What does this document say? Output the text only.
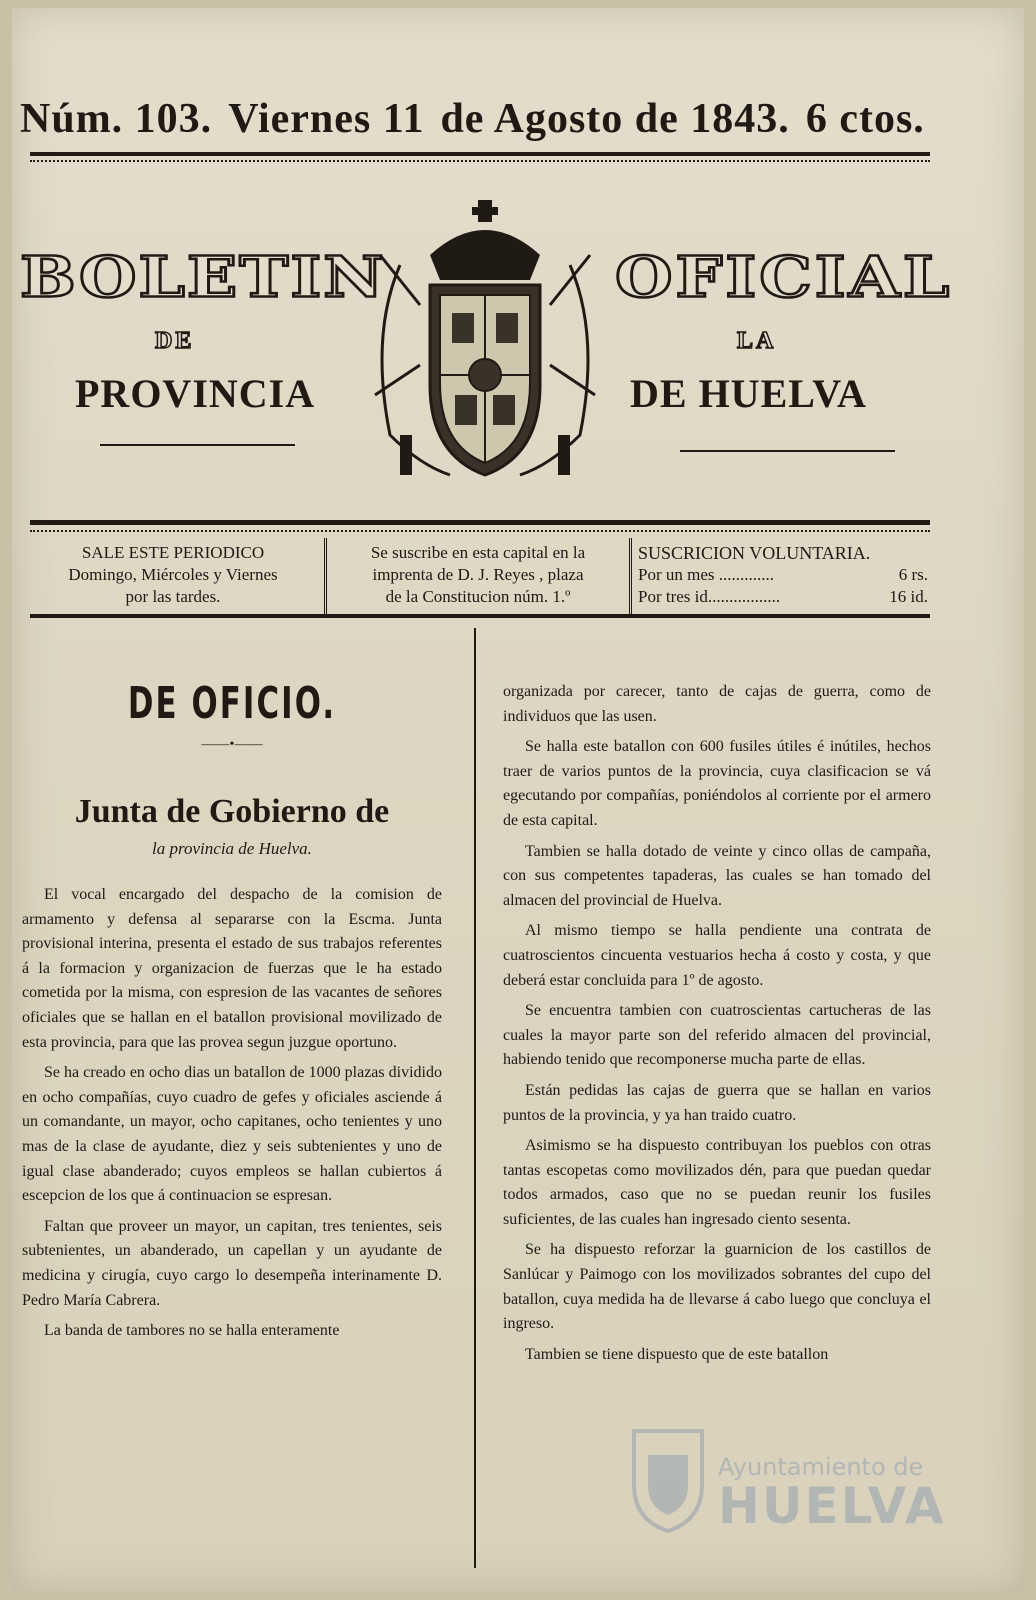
Núm. 103. Viernes 11 de Agosto de 1843. 6 ctos.
BOLETIN	OFICIAL
DE	LA
PROVINCIA	DE HUELVA
SALE ESTE PERIODICO
Domingo, Miércoles y Viernes
por las tardes.
Se suscribe en esta capital en la
imprenta de D. J. Reyes , plaza
de la Constitucion núm. 1.º
SUSCRICION VOLUNTARIA.
Por un mes .............	6 rs.
Por tres id.................	16 id.
DE OFICIO.
——•——
Junta de Gobierno de
la provincia de Huelva.

El vocal encargado del despacho de la comision de armamento y defensa al separarse con la Escma. Junta provisional interina, presenta el estado de sus trabajos referentes á la formacion y organizacion de fuerzas que le ha estado cometida por la misma, con espresion de las vacantes de señores oficiales que se hallan en el batallon provisional movilizado de esta provincia, para que las provea segun juzgue oportuno.

Se ha creado en ocho dias un batallon de 1000 plazas dividido en ocho compañías, cuyo cuadro de gefes y oficiales asciende á un comandante, un mayor, ocho capitanes, ocho tenientes y uno mas de la clase de ayudante, diez y seis subtenientes y uno de igual clase abanderado; cuyos empleos se hallan cubiertos á escepcion de los que á continuacion se espresan.

Faltan que proveer un mayor, un capitan, tres tenientes, seis subtenientes, un abanderado, un capellan y un ayudante de medicina y cirugía, cuyo cargo lo desempeña interinamente D. Pedro María Cabrera.

La banda de tambores no se halla enteramente

organizada por carecer, tanto de cajas de guerra, como de individuos que las usen.

Se halla este batallon con 600 fusiles útiles é inútiles, hechos traer de varios puntos de la provincia, cuya clasificacion se vá egecutando por compañías, poniéndolos al corriente por el armero de esta capital.

Tambien se halla dotado de veinte y cinco ollas de campaña, con sus competentes tapaderas, las cuales se han tomado del almacen del provincial de Huelva.

Al mismo tiempo se halla pendiente una contrata de cuatroscientos cincuenta vestuarios hecha á costo y costa, y que deberá estar concluida para 1º de agosto.

Se encuentra tambien con cuatroscientas cartucheras de las cuales la mayor parte son del referido almacen del provincial, habiendo tenido que recomponerse mucha parte de ellas.

Están pedidas las cajas de guerra que se hallan en varios puntos de la provincia, y ya han traido cuatro.

Asimismo se ha dispuesto contribuyan los pueblos con otras tantas escopetas como movilizados dén, para que puedan quedar todos armados, caso que no se puedan reunir los fusiles suficientes, de las cuales han ingresado ciento sesenta.

Se ha dispuesto reforzar la guarnicion de los castillos de Sanlúcar y Paimogo con los movilizados sobrantes del cupo del batallon, cuya medida ha de llevarse á cabo luego que concluya el ingreso.

Tambien se tiene dispuesto que de este batallon

Ayuntamiento de
HUELVA
